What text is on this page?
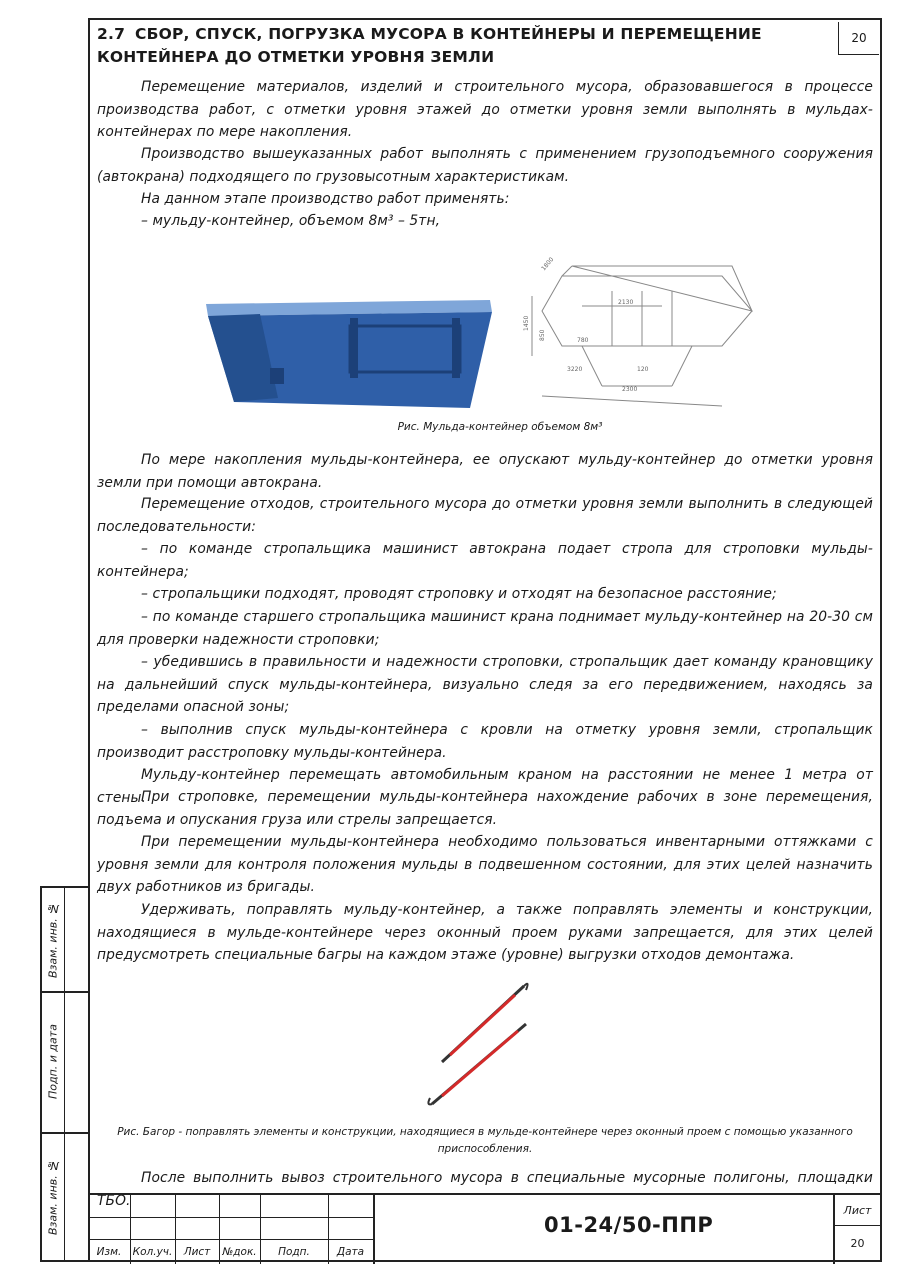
20
2.7 СБОР, СПУСК, ПОГРУЗКА МУСОРА В КОНТЕЙНЕРЫ И ПЕРЕМЕЩЕНИЕ КОНТЕЙНЕРА ДО ОТМЕТКИ УРОВНЯ ЗЕМЛИ
Перемещение материалов, изделий и строительного мусора, образовавшегося в процессе производства работ, с отметки уровня этажей до отметки уровня земли выполнять в мульдах-контейнерах по мере накопления.
Производство вышеуказанных работ выполнять с применением грузоподъемного сооружения (автокрана) подходящего по грузовысотным характеристикам.
На данном этапе производство работ применять:
– мульду-контейнер, объемом 8м³ – 5тн,
1800
2130
1450
850	780
3220	120
2300
Рис. Мульда-контейнер объемом 8м³
По мере накопления мульды-контейнера, ее опускают мульду-контейнер до отметки уровня земли при помощи автокрана.
Перемещение отходов, строительного мусора до отметки уровня земли выполнить в следующей последовательности:
– по команде стропальщика машинист автокрана подает стропа для строповки мульды-контейнера;
– стропальщики подходят, проводят строповку и отходят на безопасное расстояние;
– по команде старшего стропальщика машинист крана поднимает мульду-контейнер на 20-30 см для проверки надежности строповки;
– убедившись в правильности и надежности строповки, стропальщик дает команду крановщику на дальнейший спуск мульды-контейнера, визуально следя за его передвижением, находясь за пределами опасной зоны;
– выполнив спуск мульды-контейнера с кровли на отметку уровня земли, стропальщик производит расстроповку мульды-контейнера.
Мульду-контейнер перемещать автомобильным краном на расстоянии не менее 1 метра от стены.
При строповке, перемещении мульды-контейнера нахождение рабочих в зоне перемещения, подъема и опускания груза или стрелы запрещается.
При перемещении мульды-контейнера необходимо пользоваться инвентарными оттяжками с уровня земли для контроля положения мульды в подвешенном состоянии, для этих целей назначить двух работников из бригады.
Удерживать, поправлять мульду-контейнер, а также поправлять элементы и конструкции, находящиеся в мульде-контейнере через оконный проем руками запрещается, для этих целей предусмотреть специальные багры на каждом этаже (уровне) выгрузки отходов демонтажа.
Рис. Багор - поправлять элементы и конструкции, находящиеся в мульде-контейнере через оконный проем с помощью указанного приспособления.
После выполнить вывоз строительного мусора в специальные мусорные полигоны, площадки ТБО.
Взам. инв. №
Подп. и дата
Взам. инв. №
Изм.	Кол.уч.	Лист	№док.	Подп.	Дата
01-24/50-ППР
Лист
20
